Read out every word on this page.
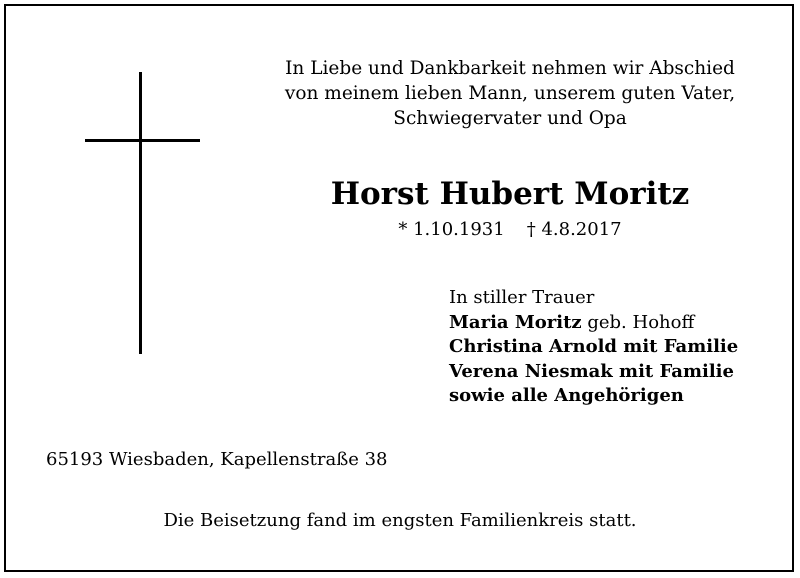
In Liebe und Dankbarkeit nehmen wir Abschied
von meinem lieben Mann, unserem guten Vater,
Schwiegervater und Opa
Horst Hubert Moritz
* 1.10.1931 † 4.8.2017
In stiller Trauer
Maria Moritz geb. Hohoff
Christina Arnold mit Familie
Verena Niesmak mit Familie
sowie alle Angehörigen
65193 Wiesbaden, Kapellenstraße 38
Die Beisetzung fand im engsten Familienkreis statt.
